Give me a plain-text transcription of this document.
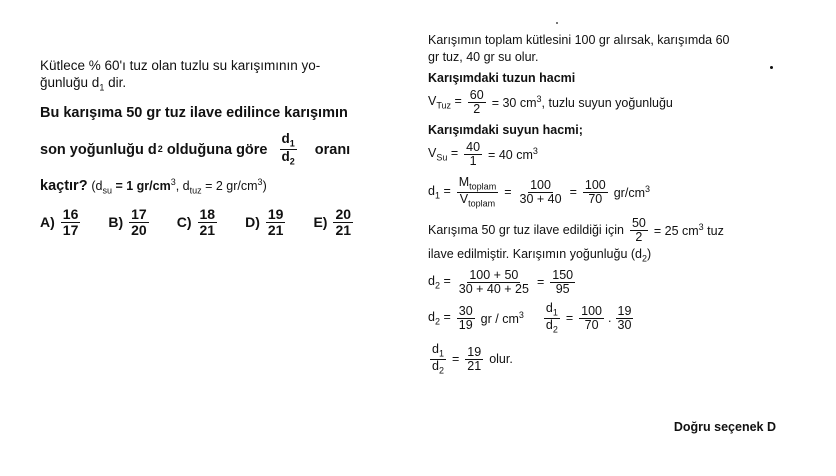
Kütlece % 60'ı tuz olan tuzlu su karışımının yo-
ğunluğu $d_1$ dir.
Bu karışıma 50 gr tuz ilave edilince karışımın
son yoğunluğu d 2 olduğuna göre $\frac{d_1}{d_2}$ oranı
kaçtır? ($d_{su} = 1$ $gr/cm^3$, $d_{tuz} = 2$ $gr/cm^3$)
$A) \frac{16}{17} B) \frac{17}{20} C) \frac{18}{21} D) \frac{19}{21} E) \frac{20}{21}$
Karışımın toplam kütlesini 100 gr alırsak, karışımda 60
gr tuz, 40 gr su olur.
Karışımdaki tuzun hacmi
$V_{Tuz} = \frac{60}{2} = 30$ $cm^3$, tuzlu suyun yoğunluğu
Karışımdaki suyun hacmi;
$V_{Su} = \frac{40}{1} = 40$ $cm^3$
$d_1 = \frac{M_{toplam}}{V_{toplam}} = \frac{100}{30 + 40} = \frac{100}{70} gr/cm^3$
Karışıma 50 gr tuz ilave edildiği için $\frac{50}{2} = 25$ $cm^3$ tuz
ilave edilmiştir. Karışımın yoğunluğu $(d_2)$
$d_2 = \frac{100 + 50}{30 + 40 + 25} = \frac{150}{95}$
$d_2 = \frac{30}{19}$ gr / $cm^3 \frac{d_1}{d_2} = \frac{100}{70}$ . $\frac{19}{30}$
$\frac{d_1}{d_2} = \frac{19}{21}$ olur.
Doğru seçenek D
